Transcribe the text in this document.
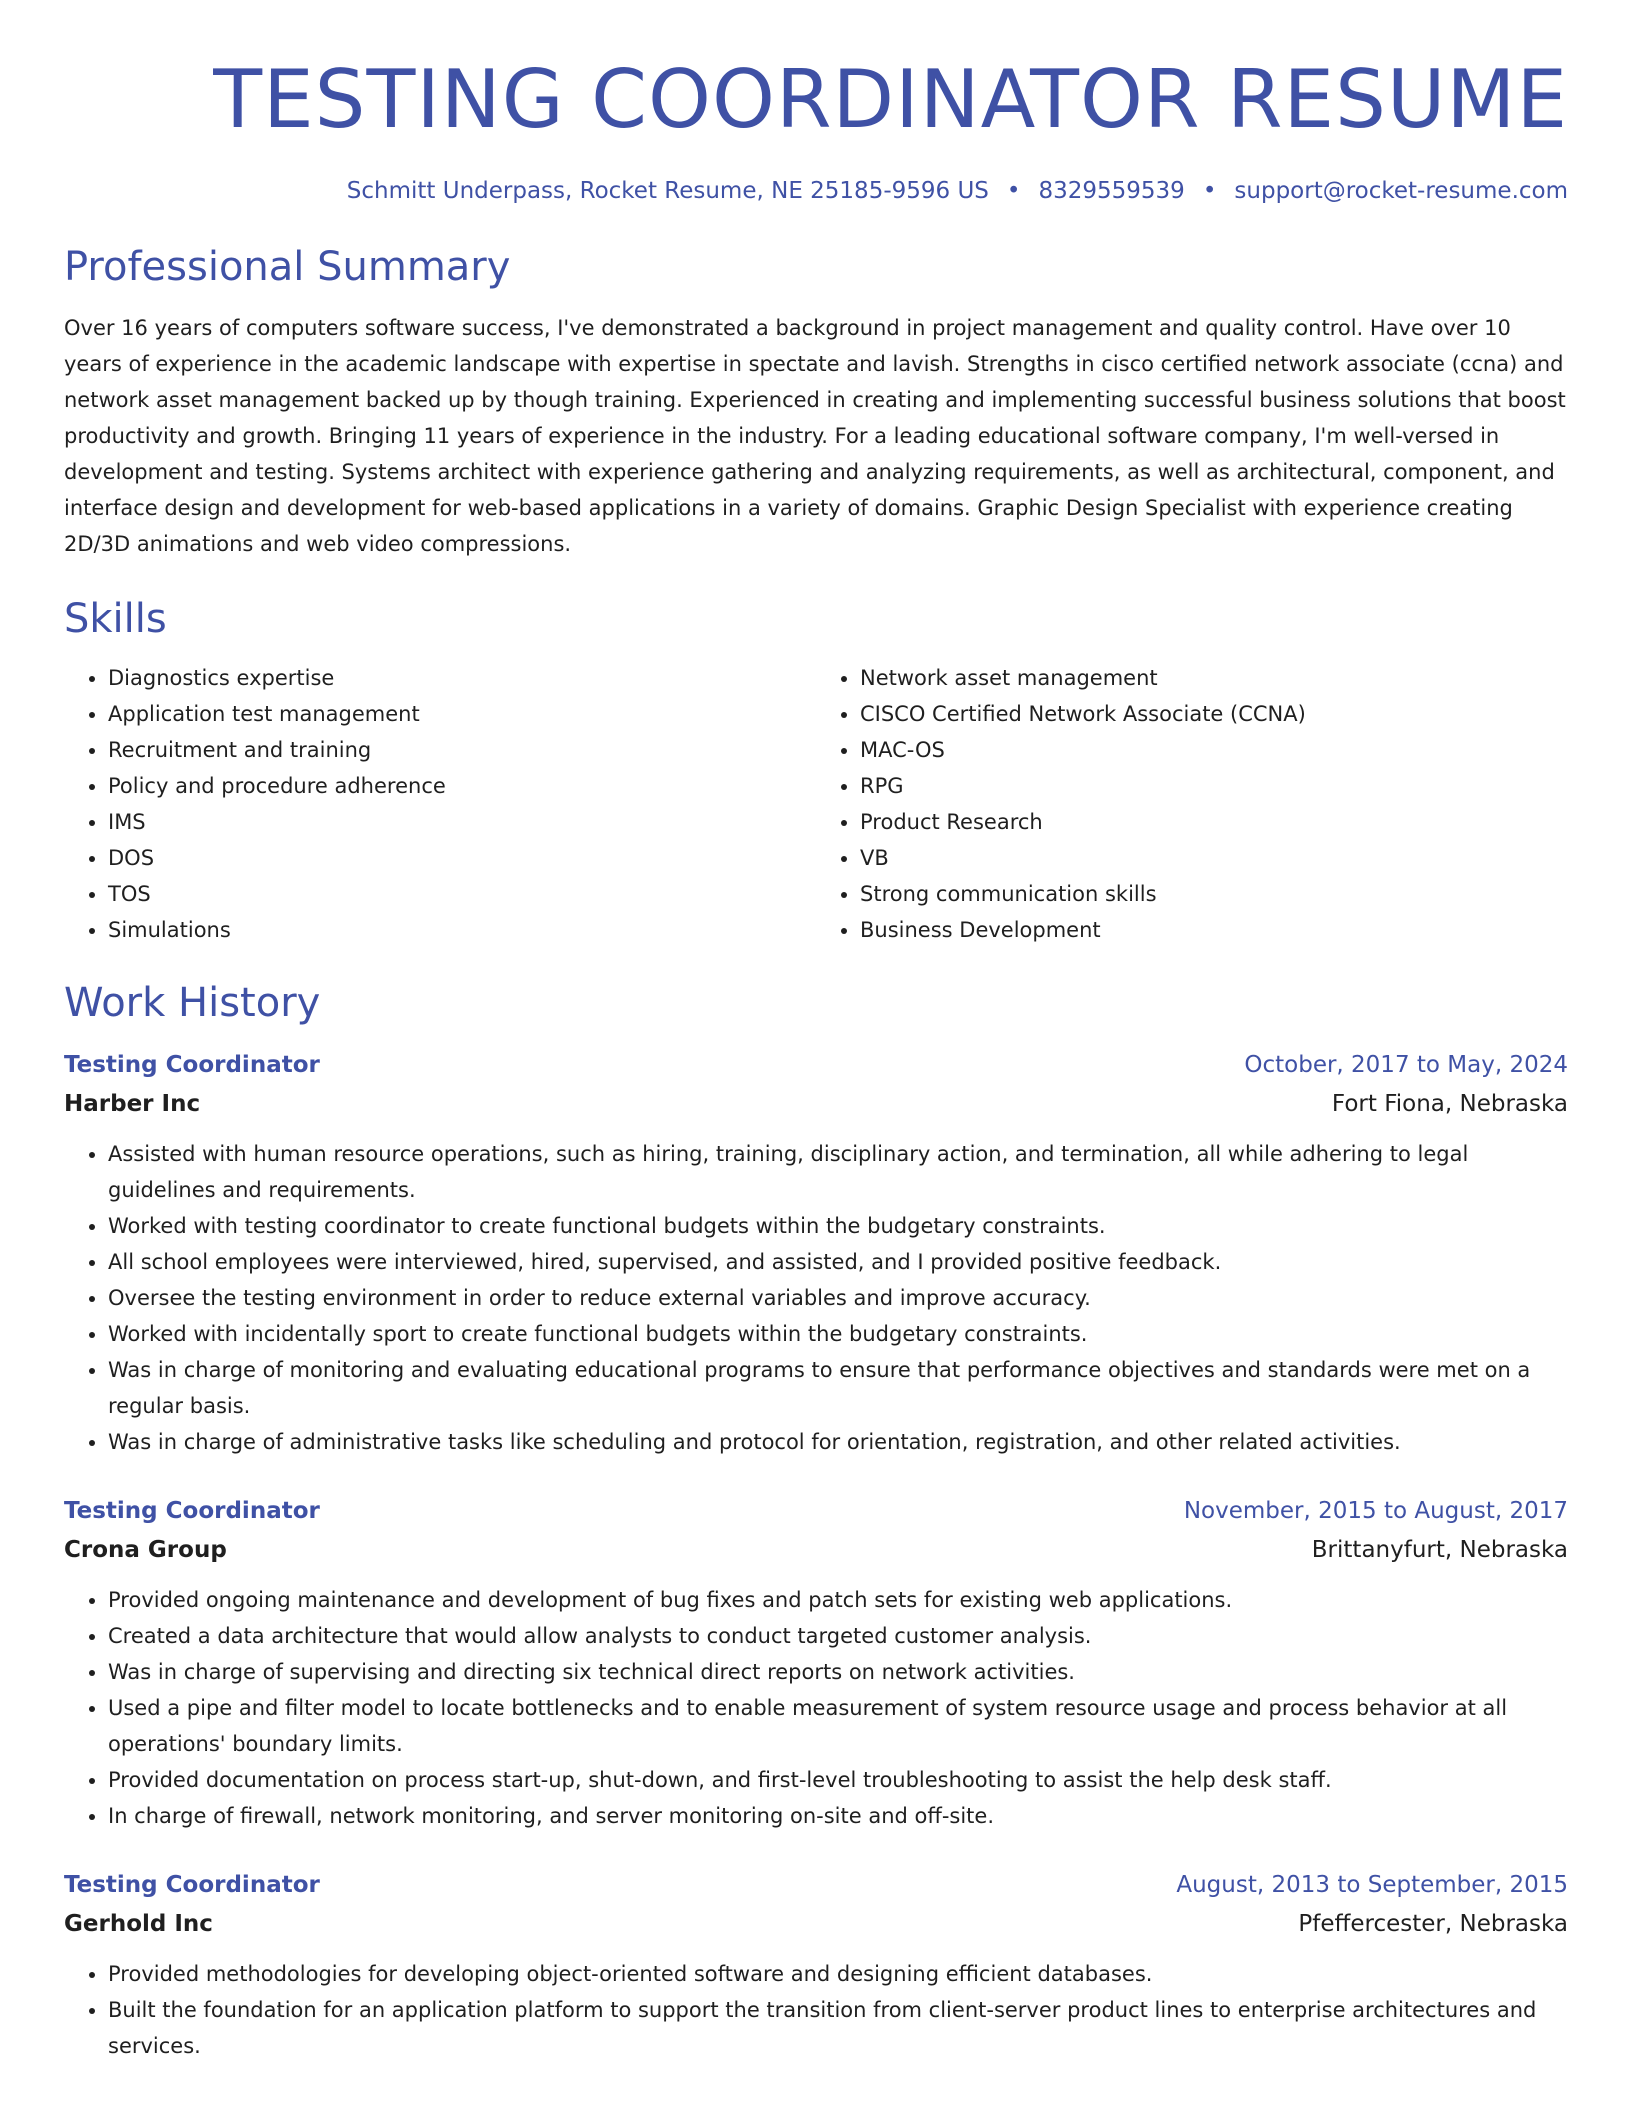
TESTING COORDINATOR RESUME
Schmitt Underpass, Rocket Resume, NE 25185-9596 US • 8329559539 • support@rocket-resume.com
Professional Summary

Over 16 years of computers software success, I've demonstrated a background in project management and quality control. Have over 10 years of experience in the academic landscape with expertise in spectate and lavish. Strengths in cisco certified network associate (ccna) and network asset management backed up by though training. Experienced in creating and implementing successful business solutions that boost productivity and growth. Bringing 11 years of experience in the industry. For a leading educational software company, I'm well-versed in development and testing. Systems architect with experience gathering and analyzing requirements, as well as architectural, component, and interface design and development for web-based applications in a variety of domains. Graphic Design Specialist with experience creating 2D/3D animations and web video compressions.

Skills
• Diagnostics expertise
• Application test management
• Recruitment and training
• Policy and procedure adherence
• IMS
• DOS
• TOS
• Simulations
• Network asset management
• CISCO Certified Network Associate (CCNA)
• MAC-OS
• RPG
• Product Research
• VB
• Strong communication skills
• Business Development
Work History
Testing Coordinator	October, 2017 to May, 2024
Harber Inc	Fort Fiona, Nebraska
• Assisted with human resource operations, such as hiring, training, disciplinary action, and termination, all while adhering to legal guidelines and requirements.
• Worked with testing coordinator to create functional budgets within the budgetary constraints.
• All school employees were interviewed, hired, supervised, and assisted, and I provided positive feedback.
• Oversee the testing environment in order to reduce external variables and improve accuracy.
• Worked with incidentally sport to create functional budgets within the budgetary constraints.
• Was in charge of monitoring and evaluating educational programs to ensure that performance objectives and standards were met on a regular basis.
• Was in charge of administrative tasks like scheduling and protocol for orientation, registration, and other related activities.
Testing Coordinator	November, 2015 to August, 2017
Crona Group	Brittanyfurt, Nebraska
• Provided ongoing maintenance and development of bug fixes and patch sets for existing web applications.
• Created a data architecture that would allow analysts to conduct targeted customer analysis.
• Was in charge of supervising and directing six technical direct reports on network activities.
• Used a pipe and filter model to locate bottlenecks and to enable measurement of system resource usage and process behavior at all operations' boundary limits.
• Provided documentation on process start-up, shut-down, and first-level troubleshooting to assist the help desk staff.
• In charge of firewall, network monitoring, and server monitoring on-site and off-site.
Testing Coordinator	August, 2013 to September, 2015
Gerhold Inc	Pfeffercester, Nebraska
• Provided methodologies for developing object-oriented software and designing efficient databases.
• Built the foundation for an application platform to support the transition from client-server product lines to enterprise architectures and services.
